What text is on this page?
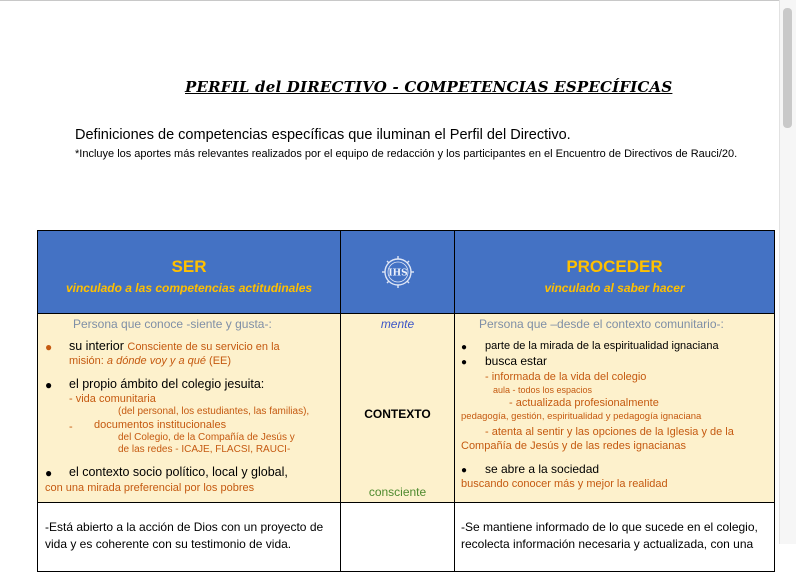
PERFIL del DIRECTIVO - COMPETENCIAS ESPECÍFICAS
Definiciones de competencias específicas que iluminan el Perfil del Directivo.
*Incluye los aportes más relevantes realizados por el equipo de redacción y los participantes en el Encuentro de Directivos de Rauci/20.
SER
vinculado a las competencias actitudinales
IHS	PROCEDER
vinculado al saber hacer
Persona que conoce -siente y gusta-:
● su interior Consciente de su servicio en la
misión: a dónde voy y a qué (EE)
● el propio ámbito del colegio jesuita:
- vida comunitaria
(del personal, los estudiantes, las familias),
- documentos institucionales
del Colegio, de la Compañía de Jesús y
de las redes - ICAJE, FLACSI, RAUCI-
● el contexto socio político, local y global,
con una mirada preferencial por los pobres
mente
CONTEXTO
consciente
Persona que –desde el contexto comunitario-:
● parte de la mirada de la espiritualidad ignaciana
● busca estar
- informada de la vida del colegio
aula - todos los espacios
- actualizada profesionalmente
pedagogía, gestión, espiritualidad y pedagogía ignaciana
- atenta al sentir y las opciones de la Iglesia y de la
Compañía de Jesús y de las redes ignacianas
● se abre a la sociedad
buscando conocer más y mejor la realidad
-Está abierto a la acción de Dios con un proyecto de
vida y es coherente con su testimonio de vida.
-Se mantiene informado de lo que sucede en el colegio,
recolecta información necesaria y actualizada, con una
